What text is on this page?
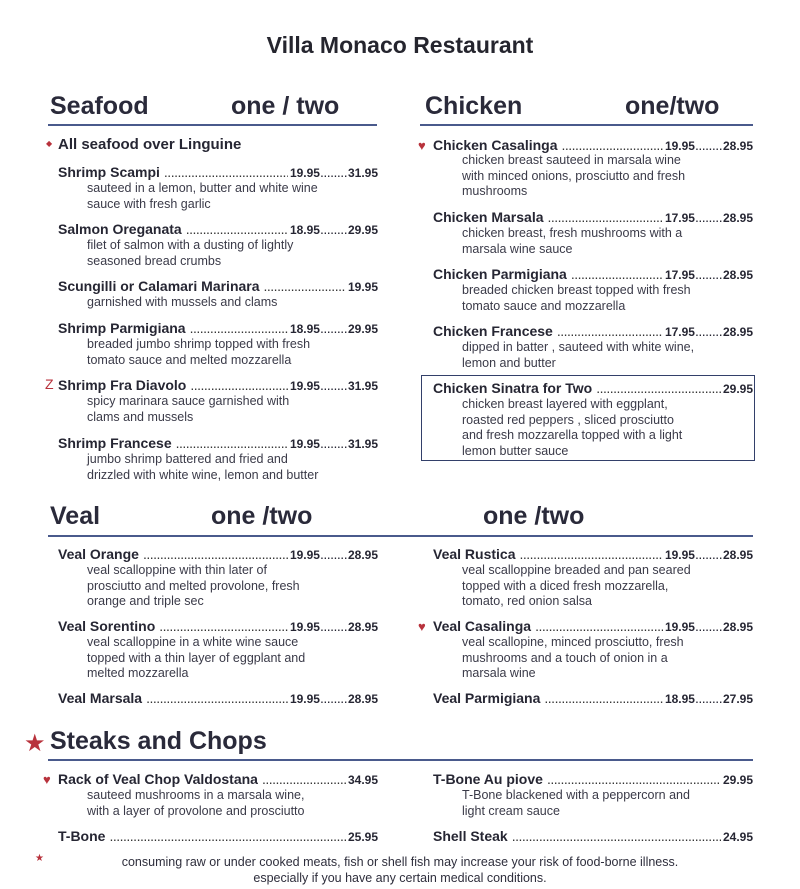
Villa Monaco Restaurant
Seafood	one / two
◆ All seafood over Linguine
Shrimp Scampi .....	19.95 ..... 31.95
sauteed in a lemon, butter and white wine
sauce with fresh garlic
Salmon Oreganata .....	18.95 ..... 29.95
filet of salmon with a dusting of lightly
seasoned bread crumbs
Scungilli or Calamari Marinara .....	19.95
garnished with mussels and clams
Shrimp Parmigiana .....	18.95 ..... 29.95
breaded jumbo shrimp topped with fresh
tomato sauce and melted mozzarella
Z Shrimp Fra Diavolo .....	19.95 ..... 31.95
spicy marinara sauce garnished with
clams and mussels
Shrimp Francese .....	19.95 ..... 31.95
jumbo shrimp battered and fried and
drizzled with white wine, lemon and butter
Chicken	one/two
♥ Chicken Casalinga .....	19.95 ..... 28.95
chicken breast sauteed in marsala wine
with minced onions, prosciutto and fresh
mushrooms
Chicken Marsala .....	17.95 ..... 28.95
chicken breast, fresh mushrooms with a
marsala wine sauce
Chicken Parmigiana .....	17.95 ..... 28.95
breaded chicken breast topped with fresh
tomato sauce and mozzarella
Chicken Francese .....	17.95 ..... 28.95
dipped in batter , sauteed with white wine,
lemon and butter
Chicken Sinatra for Two .....	29.95
chicken breast layered with eggplant,
roasted red peppers , sliced prosciutto
and fresh mozzarella topped with a light
lemon butter sauce
Veal	one /two	one /two
Veal Orange .....	19.95 ..... 28.95
veal scalloppine with thin later of
prosciutto and melted provolone, fresh
orange and triple sec
Veal Sorentino .....	19.95 ..... 28.95
veal scalloppine in a white wine sauce
topped with a thin layer of eggplant and
melted mozzarella
Veal Marsala .....	19.95 ..... 28.95
Veal Rustica .....	19.95 ..... 28.95
veal scalloppine breaded and pan seared
topped with a diced fresh mozzarella,
tomato, red onion salsa
♥ Veal Casalinga .....	19.95 ..... 28.95
veal scallopine, minced prosciutto, fresh
mushrooms and a touch of onion in a
marsala wine
Veal Parmigiana .....	18.95 ..... 27.95
★ Steaks and Chops
♥ Rack of Veal Chop Valdostana .....	34.95
sauteed mushrooms in a marsala wine,
with a layer of provolone and prosciutto
T-Bone .....	25.95
T-Bone Au piove .....	29.95
T-Bone blackened with a peppercorn and
light cream sauce
Shell Steak .....	24.95
★	consuming raw or under cooked meats, fish or shell fish may increase your risk of food-borne illness.
especially if you have any certain medical conditions.
